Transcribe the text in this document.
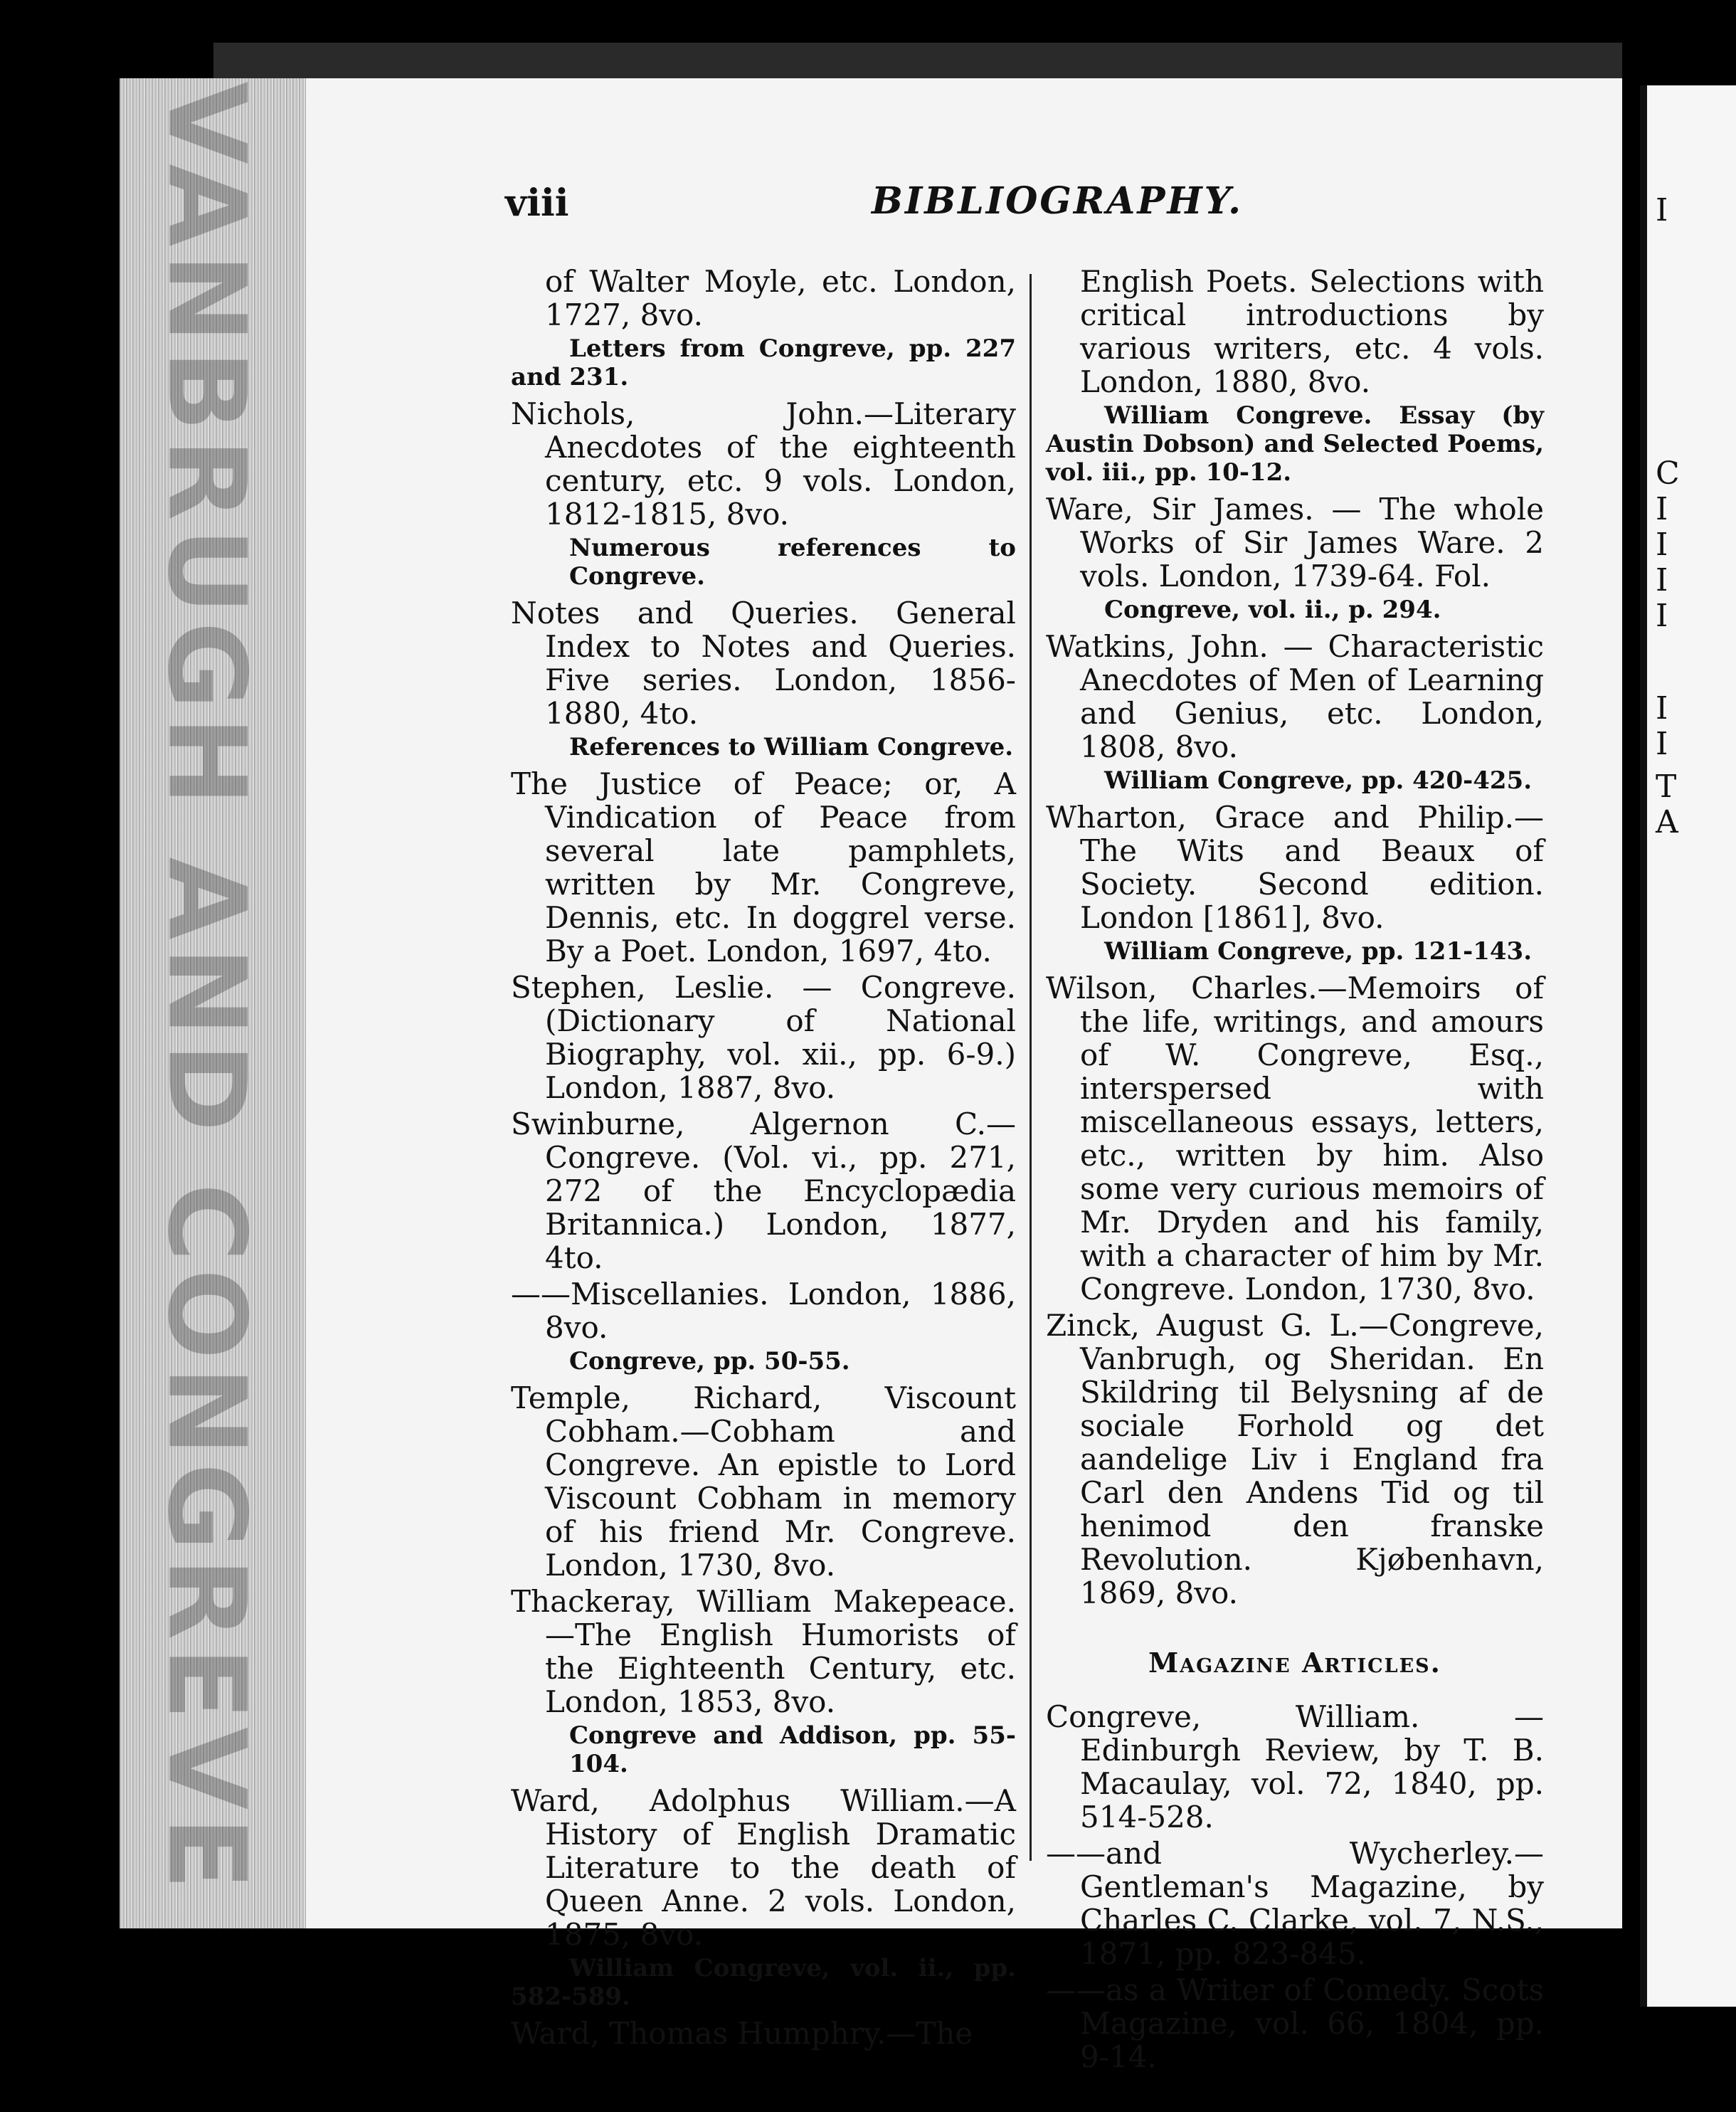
VANBRUGH AND CONGREVE	I
C
I
I
I
I
I
I
T
A
viii	BIBLIOGRAPHY.

of Walter Moyle, etc. London, 1727, 8vo.

Letters from Congreve, pp. 227 and 231.

Nichols, John.—Literary Anecdotes of the eighteenth century, etc. 9 vols. London, 1812-1815, 8vo.

Numerous references to Congreve.

Notes and Queries. General Index to Notes and Queries. Five series. London, 1856-1880, 4to.

References to William Congreve.

The Justice of Peace; or, A Vindication of Peace from several late pamphlets, written by Mr. Congreve, Dennis, etc. In doggrel verse. By a Poet. London, 1697, 4to.

Stephen, Leslie. — Congreve. (Dictionary of National Biography, vol. xii., pp. 6-9.) London, 1887, 8vo.

Swinburne, Algernon C.—Congreve. (Vol. vi., pp. 271, 272 of the Encyclopædia Britannica.) London, 1877, 4to.

——Miscellanies. London, 1886, 8vo.

Congreve, pp. 50-55.

Temple, Richard, Viscount Cobham.—Cobham and Congreve. An epistle to Lord Viscount Cobham in memory of his friend Mr. Congreve. London, 1730, 8vo.

Thackeray, William Makepeace.—The English Humorists of the Eighteenth Century, etc. London, 1853, 8vo.

Congreve and Addison, pp. 55-104.

Ward, Adolphus William.—A History of English Dramatic Literature to the death of Queen Anne. 2 vols. London, 1875, 8vo.

William Congreve, vol. ii., pp. 582-589.

Ward, Thomas Humphry.—The

English Poets. Selections with critical introductions by various writers, etc. 4 vols. London, 1880, 8vo.

William Congreve. Essay (by Austin Dobson) and Selected Poems, vol. iii., pp. 10-12.

Ware, Sir James. — The whole Works of Sir James Ware. 2 vols. London, 1739-64. Fol.

Congreve, vol. ii., p. 294.

Watkins, John. — Characteristic Anecdotes of Men of Learning and Genius, etc. London, 1808, 8vo.

William Congreve, pp. 420-425.

Wharton, Grace and Philip.—The Wits and Beaux of Society. Second edition. London [1861], 8vo.

William Congreve, pp. 121-143.

Wilson, Charles.—Memoirs of the life, writings, and amours of W. Congreve, Esq., interspersed with miscellaneous essays, letters, etc., written by him. Also some very curious memoirs of Mr. Dryden and his family, with a character of him by Mr. Congreve. London, 1730, 8vo.

Zinck, August G. L.—Congreve, Vanbrugh, og Sheridan. En Skildring til Belysning af de sociale Forhold og det aandelige Liv i England fra Carl den Andens Tid og til henimod den franske Revolution. Kjøbenhavn, 1869, 8vo.

Magazine Articles.

Congreve, William. — Edinburgh Review, by T. B. Macaulay, vol. 72, 1840, pp. 514-528.

——and Wycherley.—Gentleman's Magazine, by Charles C. Clarke, vol. 7, N.S., 1871, pp. 823-845.

——as a Writer of Comedy. Scots Magazine, vol. 66, 1804, pp. 9-14.
